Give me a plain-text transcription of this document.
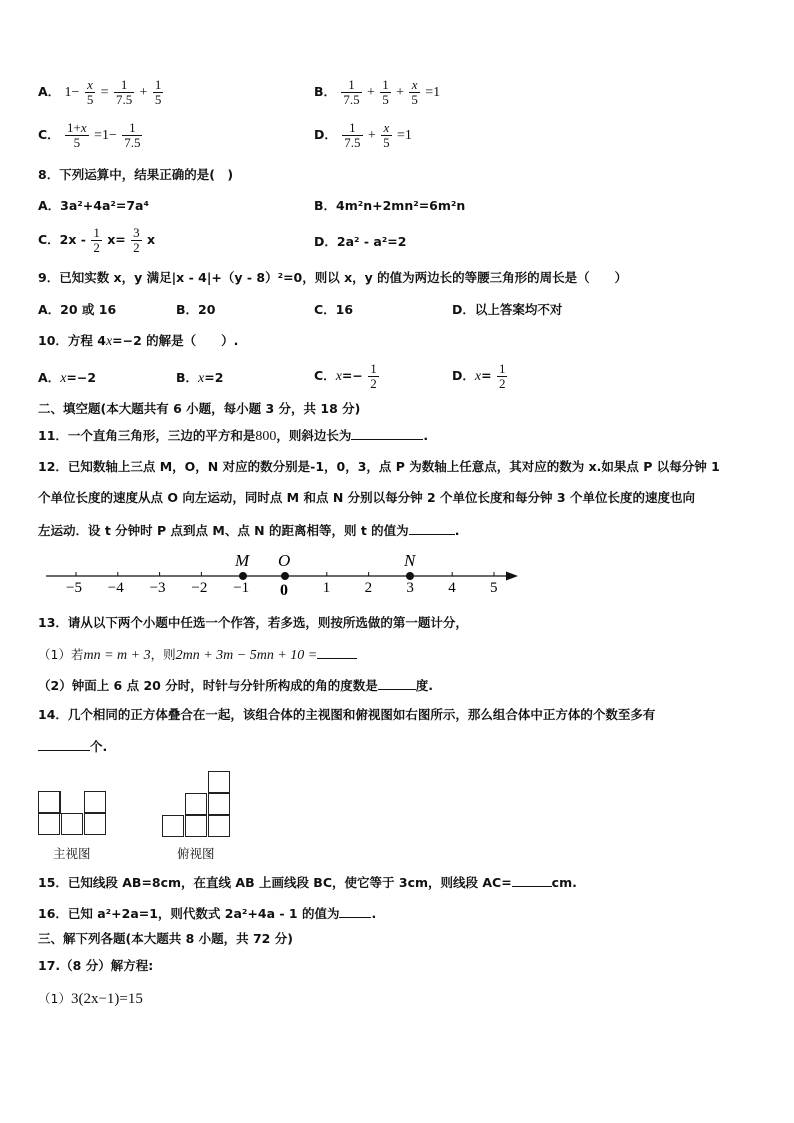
A． $1- \frac{x}{5} = \frac{1}{7.5} + \frac{1}{5}$	B． $\frac{1}{7.5} + \frac{1}{5} + \frac{x}{5} =1$
C． $\frac{1+x}{5} =1- \frac{1}{7.5}$	D． $\frac{1}{7.5} + \frac{x}{5} =1$
8．下列运算中，结果正确的是(　)
A．3a²+4a²=7a⁴	B．4m²n+2mn²=6m²n
C．$2x - \frac{1}{2} x= \frac{3}{2}$ x	D．2a² - a²=2
9．已知实数 x，y 满足|x - 4|+（y - 8）²=0，则以 x，y 的值为两边长的等腰三角形的周长是（　　）
A．20 或 16	B．20	C．16	D．以上答案均不对
10．方程 4x=−2 的解是（　　）.
A．x=−2	B．x=2	C．$x=- \frac{1}{2}$	D．$x= \frac{1}{2}$
二、填空题(本大题共有 6 小题，每小题 3 分，共 18 分)
11．一个直角三角形，三边的平方和是800，则斜边长为	.
12．已知数轴上三点 M，O，N 对应的数分别是-1，0，3，点 P 为数轴上任意点，其对应的数为 x.如果点 P 以每分钟 1
个单位长度的速度从点 O 向左运动，同时点 M 和点 N 分别以每分钟 2 个单位长度和每分钟 3 个单位长度的速度也向
左运动．设 t 分钟时 P 点到点 M、点 N 的距离相等，则 t 的值为	.
−5 −4 −3 −2 −1	1 2 3 4 5
M O	N
0
13．请从以下两个小题中任选一个作答，若多选，则按所选做的第一题计分，
（1）若mn = m + 3，则2mn + 3m − 5mn + 10 =
（2）钟面上 6 点 20 分时，时针与分针所构成的角的度数是	度.
14．几个相同的正方体叠合在一起，该组合体的主视图和俯视图如右图所示，那么组合体中正方体的个数至多有
个.
主视图	俯视图
15．已知线段 AB=8cm，在直线 AB 上画线段 BC，使它等于 3cm，则线段 AC=	cm.
16．已知 a²+2a=1，则代数式 2a²+4a - 1 的值为	.
三、解下列各题(本大题共 8 小题，共 72 分)
17.（8 分）解方程:
（1）3(2x−1)=15
